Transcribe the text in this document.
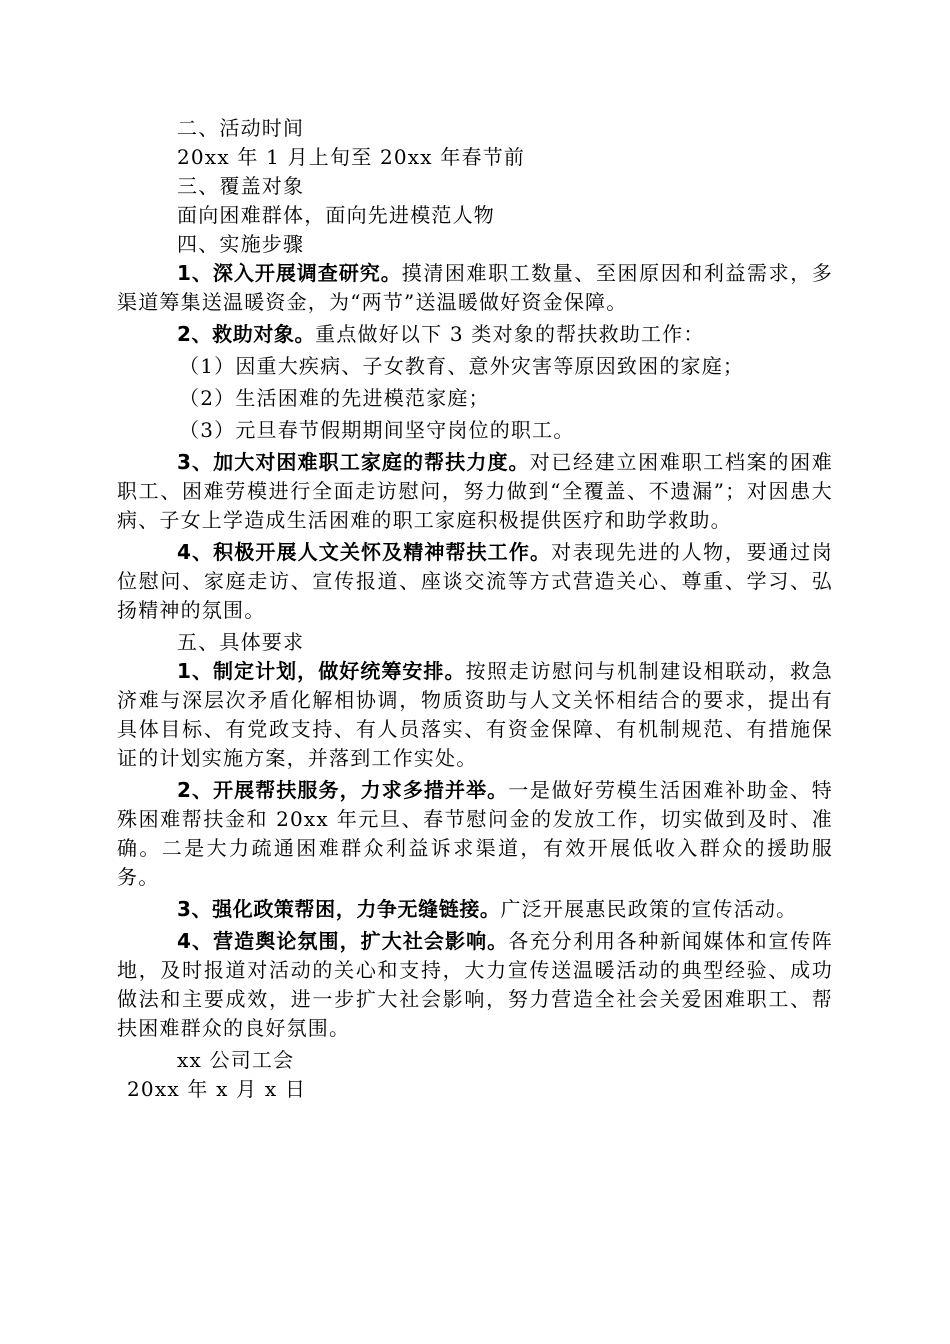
二、活动时间
20xx 年 1 月上旬至 20xx 年春节前
三、覆盖对象
面向困难群体，面向先进模范人物
四、实施步骤
1、深入开展调查研究。摸清困难职工数量、至困原因和利益需求，多渠道筹集送温暖资金，为“两节”送温暖做好资金保障。
2、救助对象。重点做好以下 3 类对象的帮扶救助工作：
（1）因重大疾病、子女教育、意外灾害等原因致困的家庭；
（2）生活困难的先进模范家庭；
（3）元旦春节假期期间坚守岗位的职工。
3、加大对困难职工家庭的帮扶力度。对已经建立困难职工档案的困难职工、困难劳模进行全面走访慰问，努力做到“全覆盖、不遗漏”；对因患大病、子女上学造成生活困难的职工家庭积极提供医疗和助学救助。
4、积极开展人文关怀及精神帮扶工作。对表现先进的人物，要通过岗位慰问、家庭走访、宣传报道、座谈交流等方式营造关心、尊重、学习、弘扬精神的氛围。
五、具体要求
1、制定计划，做好统筹安排。按照走访慰问与机制建设相联动，救急济难与深层次矛盾化解相协调，物质资助与人文关怀相结合的要求，提出有具体目标、有党政支持、有人员落实、有资金保障、有机制规范、有措施保证的计划实施方案，并落到工作实处。
2、开展帮扶服务，力求多措并举。一是做好劳模生活困难补助金、特殊困难帮扶金和 20xx 年元旦、春节慰问金的发放工作，切实做到及时、准确。二是大力疏通困难群众利益诉求渠道，有效开展低收入群众的援助服务。
3、强化政策帮困，力争无缝链接。广泛开展惠民政策的宣传活动。
4、营造舆论氛围，扩大社会影响。各充分利用各种新闻媒体和宣传阵地，及时报道对活动的关心和支持，大力宣传送温暖活动的典型经验、成功做法和主要成效，进一步扩大社会影响，努力营造全社会关爱困难职工、帮扶困难群众的良好氛围。
xx 公司工会
20xx 年 x 月 x 日
